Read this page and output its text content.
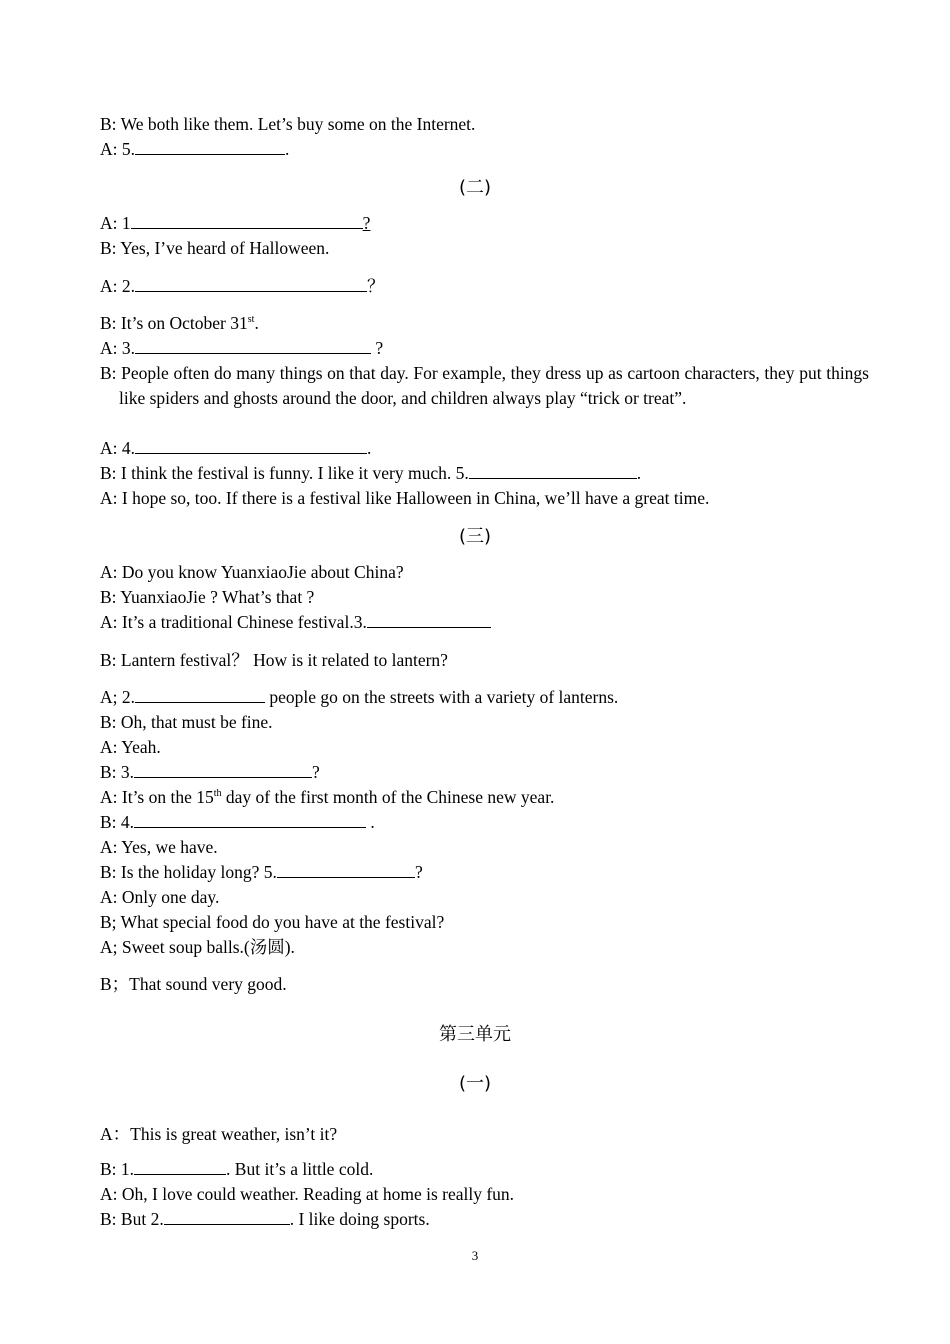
B: We both like them. Let’s buy some on the Internet.
A: 5.	.
(二)
A: 1	?
B: Yes, I’ve heard of Halloween.
A: 2.	？
B: It’s on October 31st.
A: 3.	?
B: People often do many things on that day. For example, they dress up as cartoon characters, they put things like spiders and ghosts around the door, and children always play “trick or treat”.
A: 4.	.
B: I think the festival is funny. I like it very much. 5.	.
A: I hope so, too. If there is a festival like Halloween in China, we’ll have a great time.
(三)
A: Do you know YuanxiaoJie about China?
B: YuanxiaoJie ? What’s that ?
A: It’s a traditional Chinese festival.3.
B: Lantern festival？ How is it related to lantern?
A; 2.	people go on the streets with a variety of lanterns.
B: Oh, that must be fine.
A: Yeah.
B: 3.	?
A: It’s on the 15th day of the first month of the Chinese new year.
B: 4.	.
A: Yes, we have.
B: Is the holiday long? 5.	?
A: Only one day.
B; What special food do you have at the festival?
A; Sweet soup balls.(汤圆).
B；That sound very good.
第三单元
(一)
A：This is great weather, isn’t it?
B: 1.	. But it’s a little cold.
A: Oh, I love could weather. Reading at home is really fun.
B: But 2.	. I like doing sports.
3
